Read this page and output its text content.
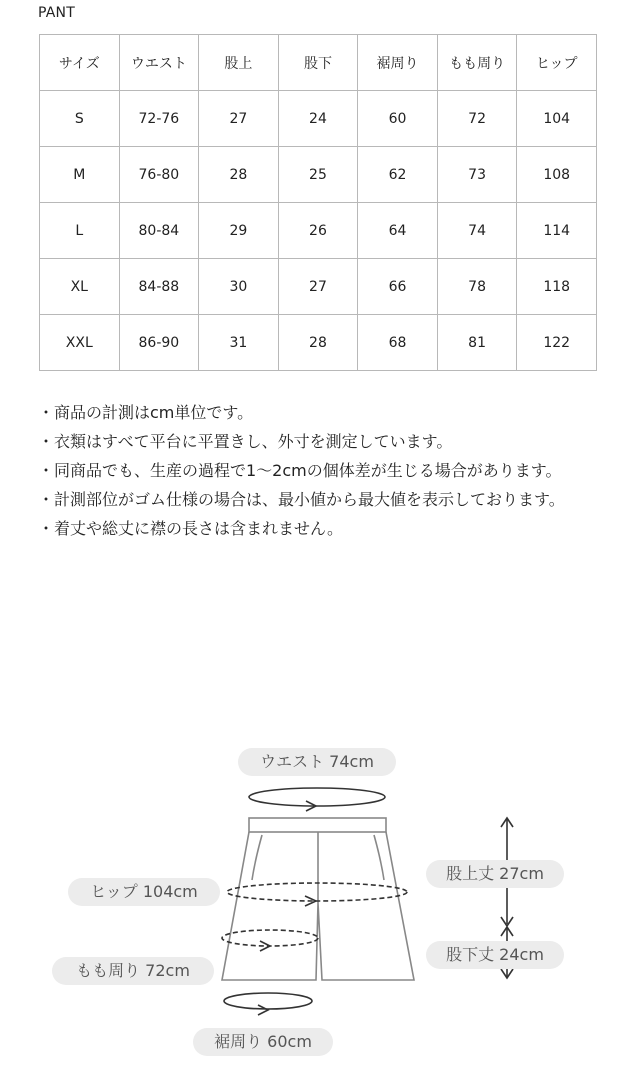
PANT
サイズ	ウエスト	股上	股下	裾周り	もも周り	ヒップ
S	72-76	27	24	60	72	104
M	76-80	28	25	62	73	108
L	80-84	29	26	64	74	114
XL	84-88	30	27	66	78	118
XXL	86-90	31	28	68	81	122

・商品の計測はcm単位です。

・衣類はすべて平台に平置きし、外寸を測定しています。

・同商品でも、生産の過程で1〜2cmの個体差が生じる場合があります。

・計測部位がゴム仕様の場合は、最小値から最大値を表示しております。

・着丈や総丈に襟の長さは含まれません。

ウエスト 74cm
ヒップ 104cm
もも周り 72cm
裾周り 60cm
股上丈 27cm
股下丈 24cm
